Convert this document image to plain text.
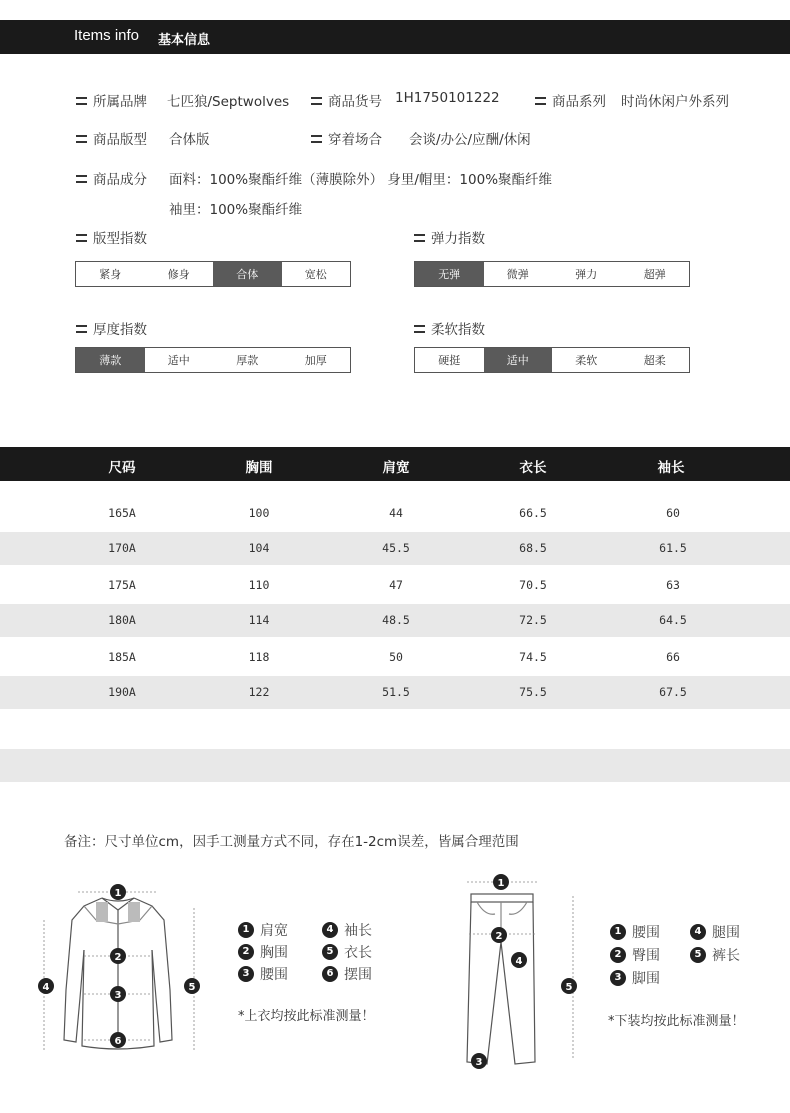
Items info 基本信息
所属品牌 七匹狼/Septwolves	商品货号 1H1750101222	商品系列 时尚休闲户外系列
商品版型 合体版	穿着场合 会谈/办公/应酬/休闲
商品成分 面料：100%聚酯纤维（薄膜除外） 身里/帽里：100%聚酯纤维
袖里：100%聚酯纤维
版型指数
紧身	修身	合体	宽松
弹力指数
无弹	微弹	弹力	超弹
厚度指数
薄款	适中	厚款	加厚
柔软指数
硬挺	适中	柔软	超柔
尺码	胸围	肩宽	衣长	袖长
165A	100	44	66.5	60
170A	104	45.5	68.5	61.5
175A	110	47	70.5	63
180A	114	48.5	72.5	64.5
185A	118	50	74.5	66
190A	122	51.5	75.5	67.5
备注：尺寸单位cm，因手工测量方式不同，存在1-2cm误差，皆属合理范围
1
2
3
4	5
6
1 肩宽	4 袖长
2 胸围	5 衣长
3 腰围	6 摆围
*上衣均按此标准测量！
1
2
3
4
5
1 腰围	4 腿围
2 臀围	5 裤长
3 脚围
*下装均按此标准测量！
